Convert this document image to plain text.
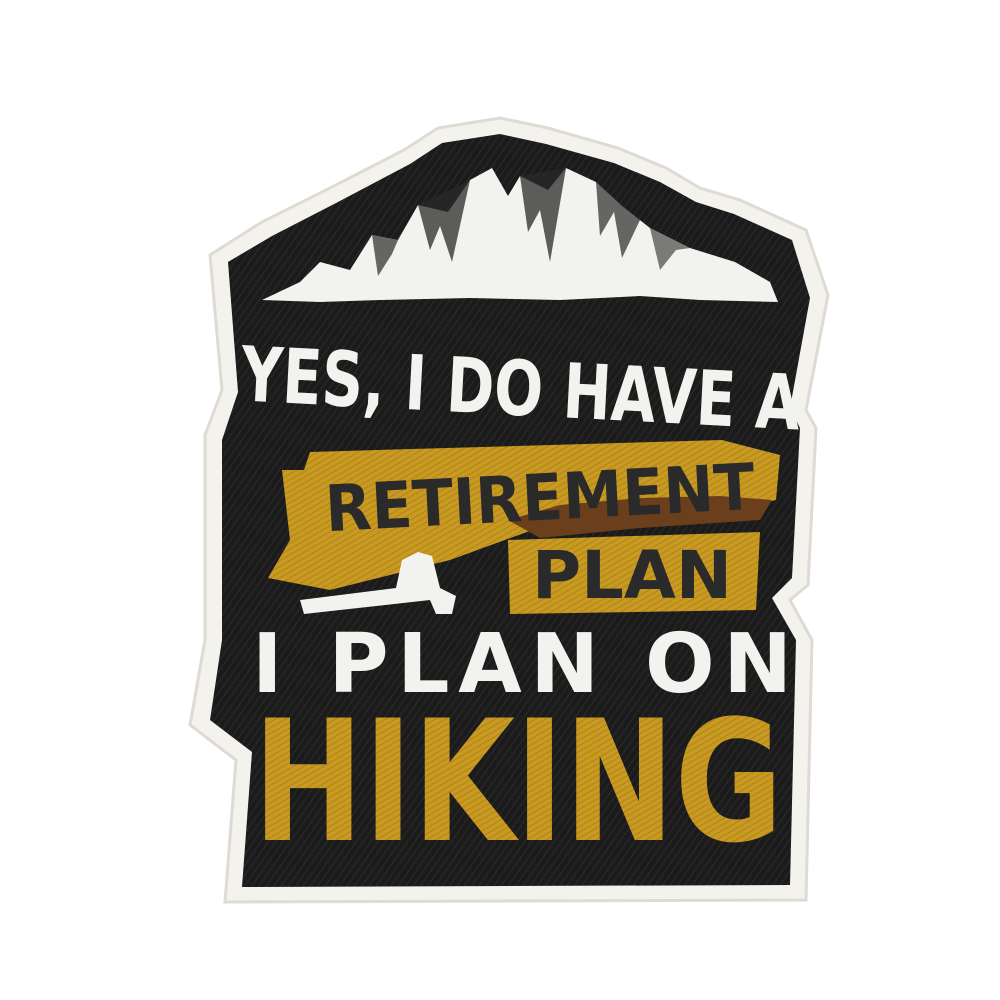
YES, I DO HAVE A
RETIREMENT
PLAN
I PLAN ON
HIKING
